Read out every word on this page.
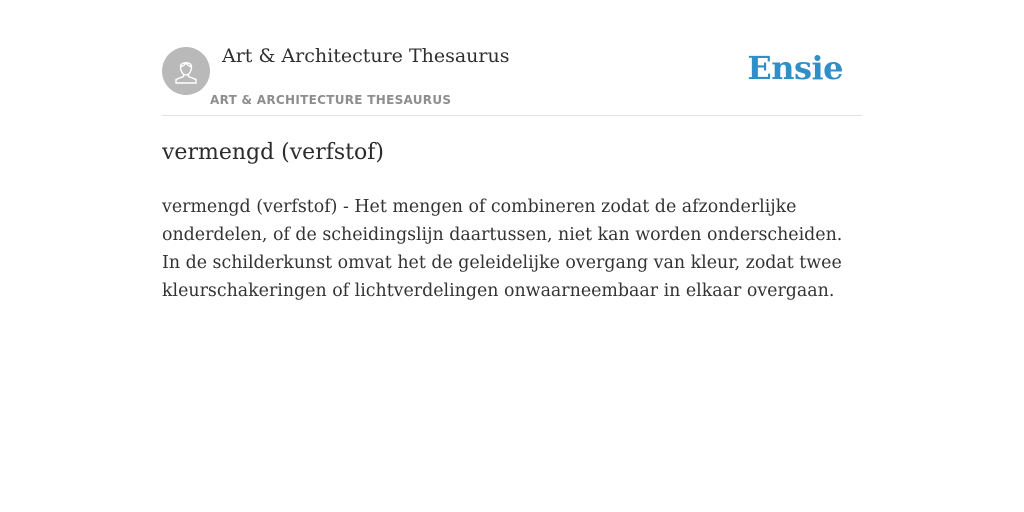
Art & Architecture Thesaurus
ART & ARCHITECTURE THESAURUS
Ensie
vermengd (verfstof)

vermengd (verfstof) - Het mengen of combineren zodat de afzonderlijke onderdelen, of de scheidingslijn daartussen, niet kan worden onderscheiden. In de schilderkunst omvat het de geleidelijke overgang van kleur, zodat twee kleurschakeringen of lichtverdelingen onwaarneembaar in elkaar overgaan.
